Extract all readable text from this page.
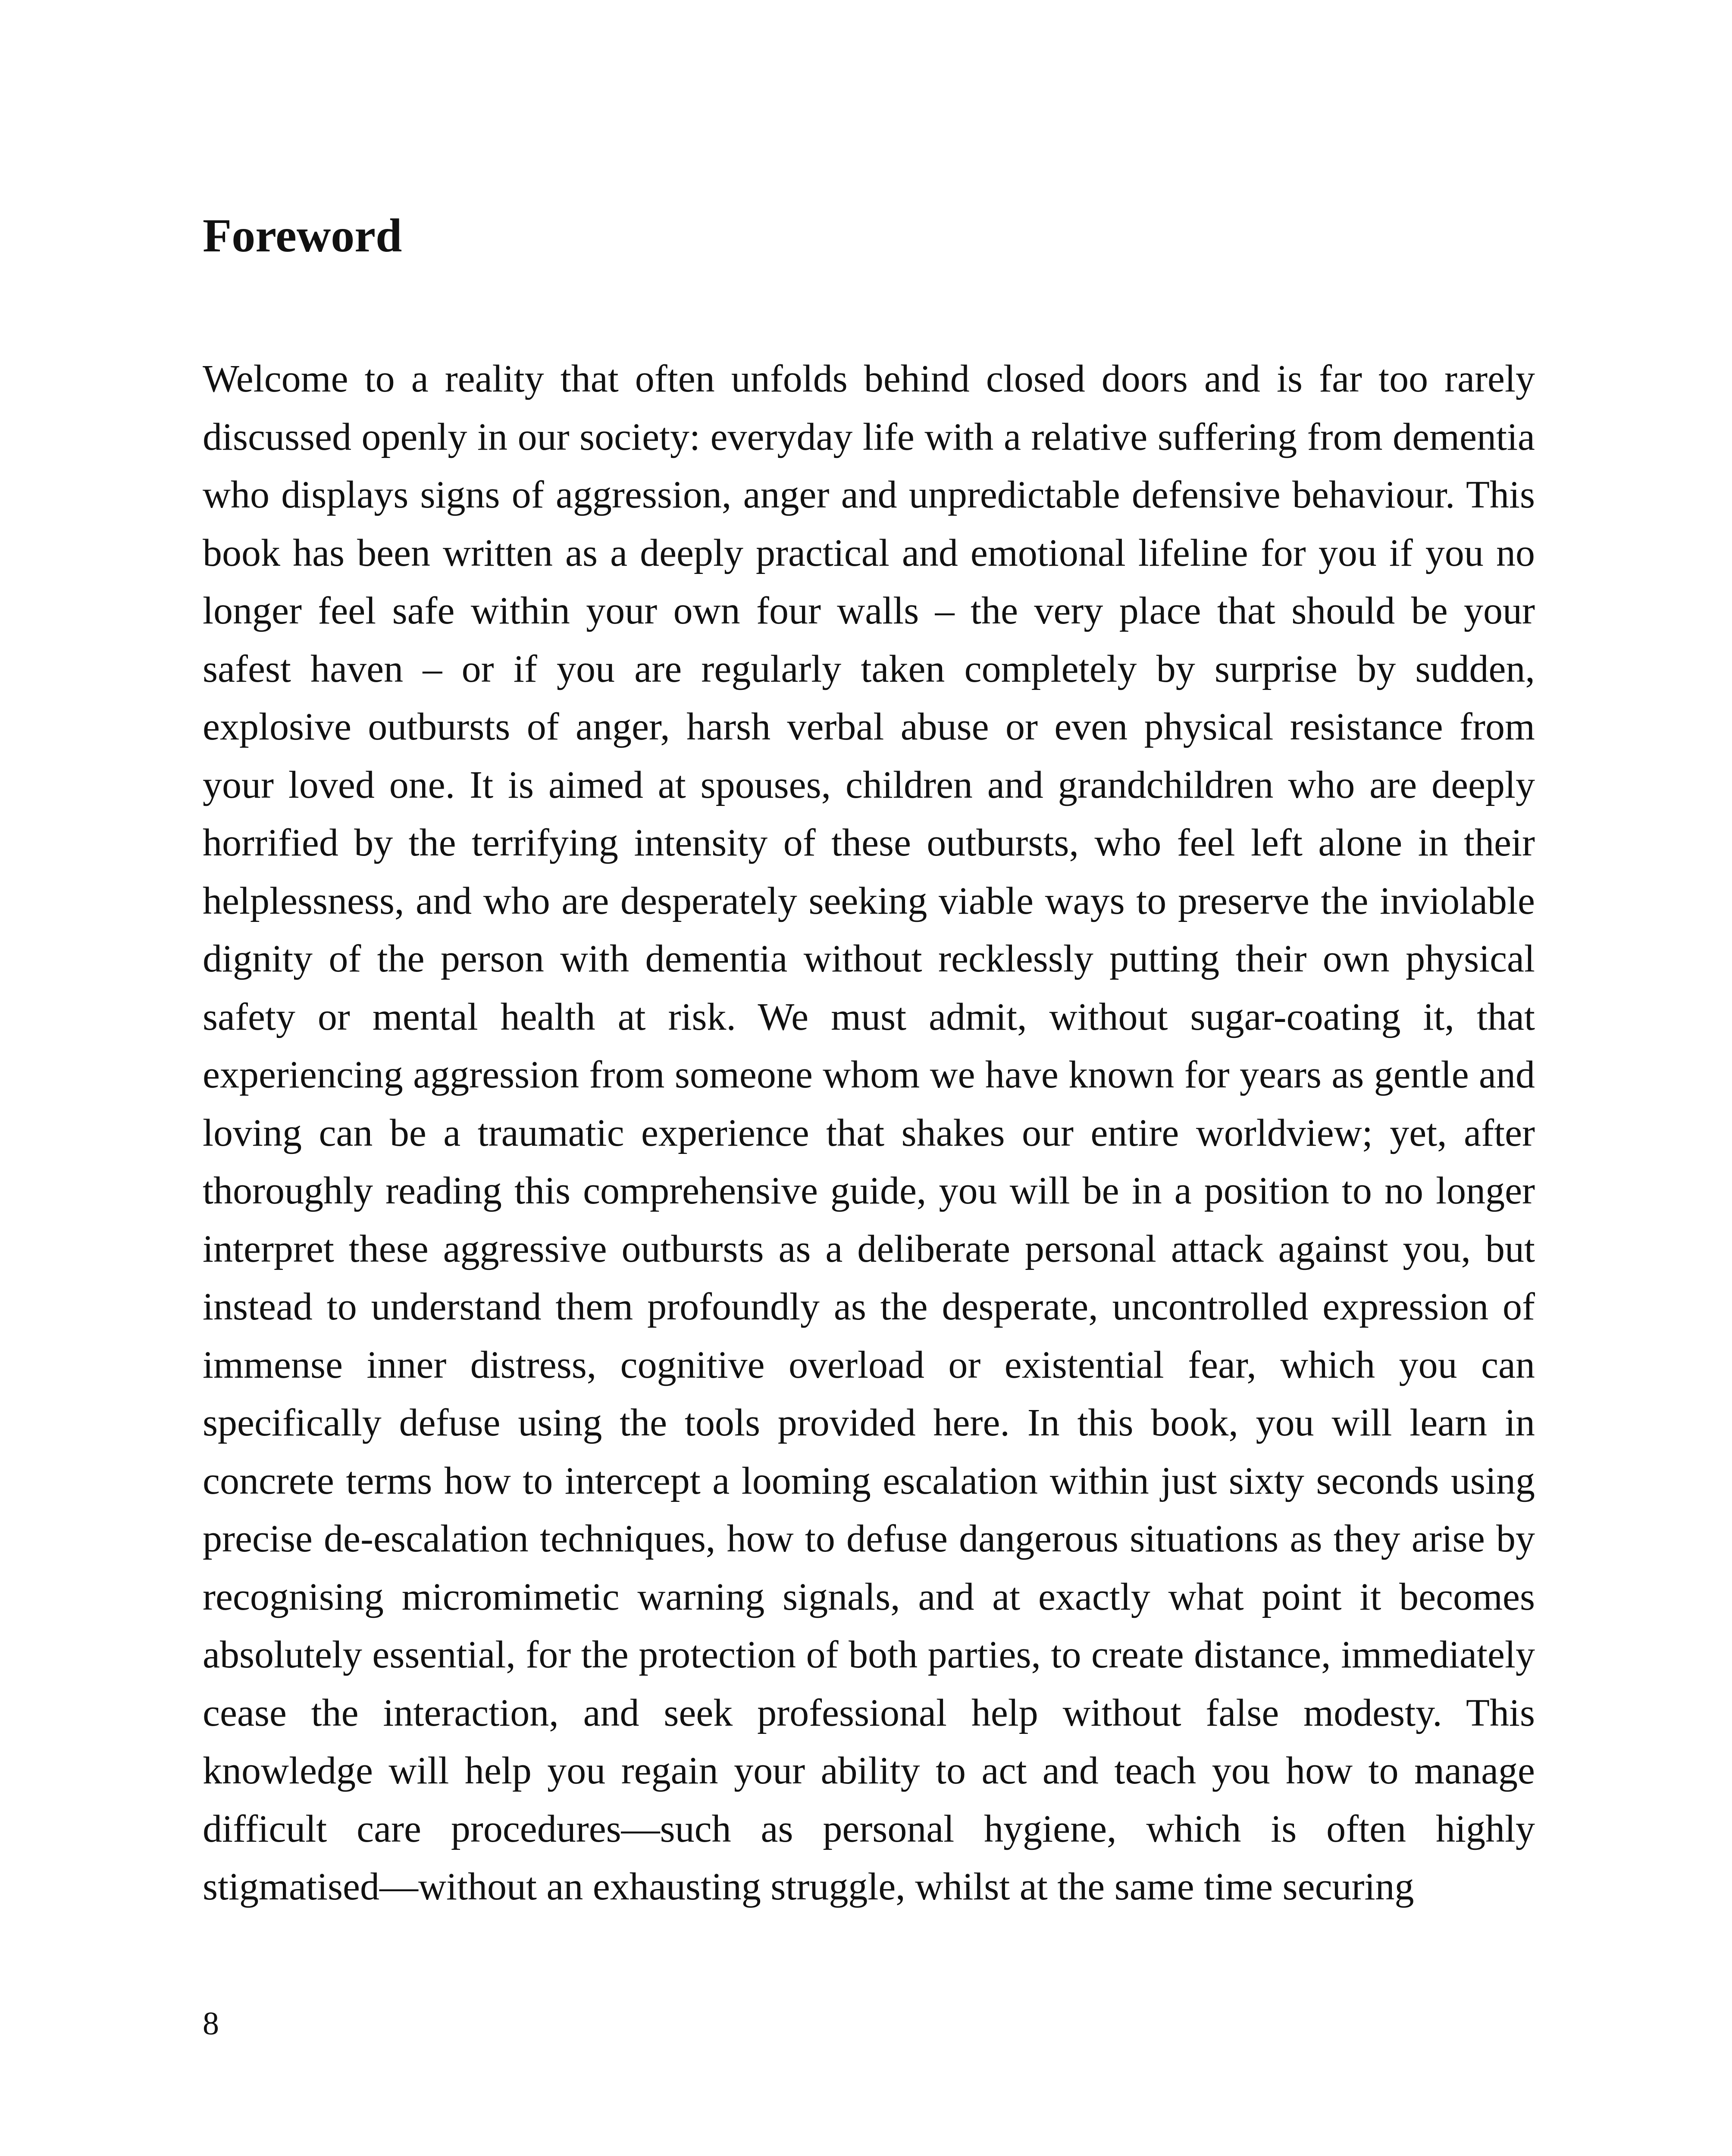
Foreword

Welcome to a reality that often unfolds behind closed doors and is far too rarely discussed openly in our society: everyday life with a relative suffering from dementia who displays signs of aggression, anger and unpredictable defensive behaviour. This book has been written as a deeply practical and emotional lifeline for you if you no longer feel safe within your own four walls – the very place that should be your safest haven – or if you are regularly taken completely by surprise by sudden, explosive outbursts of anger, harsh verbal abuse or even physical resistance from your loved one. It is aimed at spouses, children and grandchildren who are deeply horrified by the terrifying intensity of these outbursts, who feel left alone in their helplessness, and who are desperately seeking viable ways to preserve the inviolable dignity of the person with dementia without recklessly putting their own physical safety or mental health at risk. We must admit, without sugar-coating it, that experiencing aggression from someone whom we have known for years as gentle and loving can be a traumatic experience that shakes our entire worldview; yet, after thoroughly reading this comprehensive guide, you will be in a position to no longer interpret these aggressive outbursts as a deliberate personal attack against you, but instead to understand them profoundly as the desperate, uncontrolled expression of immense inner distress, cognitive overload or existential fear, which you can specifically defuse using the tools provided here. In this book, you will learn in concrete terms how to intercept a looming escalation within just sixty seconds using precise de-escalation techniques, how to defuse dangerous situations as they arise by recognising micromimetic warning signals, and at exactly what point it becomes absolutely essential, for the protection of both parties, to create distance, immediately cease the interaction, and seek professional help without false modesty. This knowledge will help you regain your ability to act and teach you how to manage difficult care procedures—such as personal hygiene, which is often highly stigmatised—without an exhausting struggle, whilst at the same time securing

8
